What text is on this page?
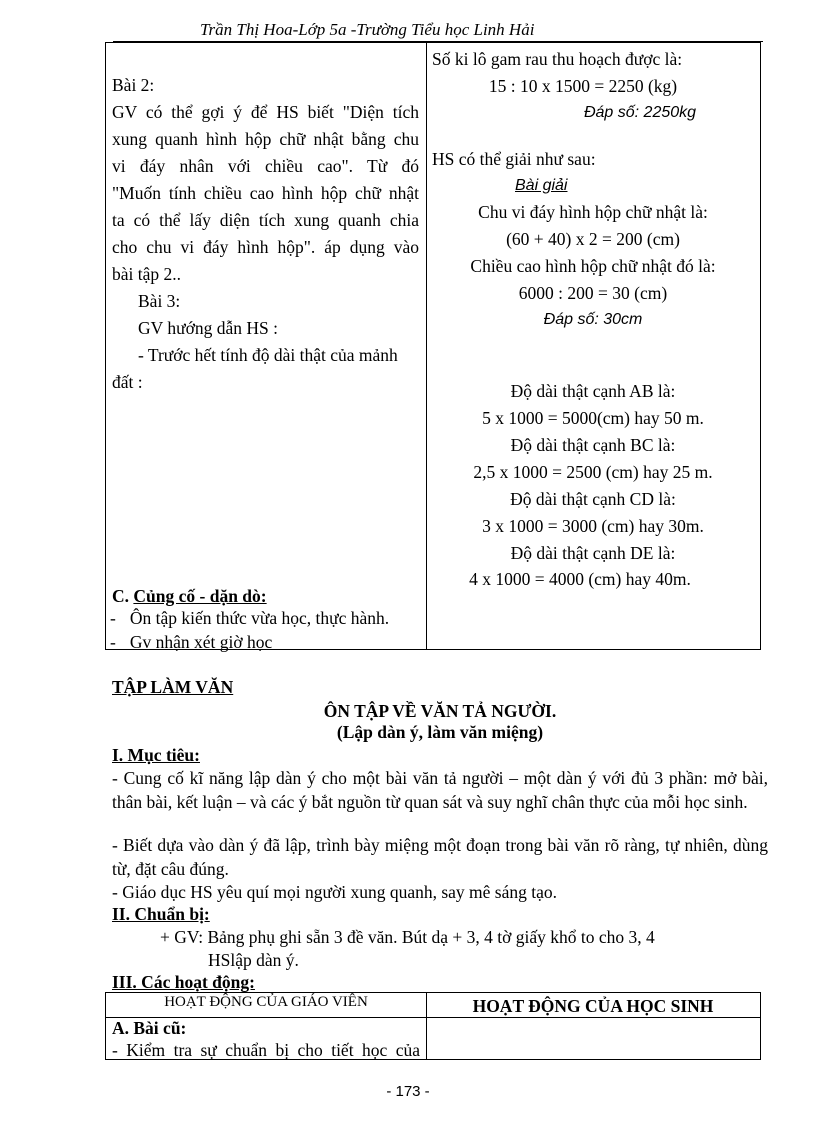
Trần Thị Hoa-Lớp 5a -Trường Tiểu học Linh Hải
Bài 2:
GV có thể gợi ý để HS biết "Diện tích
xung quanh hình hộp chữ nhật bằng chu
vi đáy nhân với chiều cao". Từ đó
"Muốn tính chiều cao hình hộp chữ nhật
ta có thể lấy diện tích xung quanh chia
cho chu vi đáy hình hộp". áp dụng vào
bài tập 2..
Bài 3:
GV hướng dẫn HS :
- Trước hết tính độ dài thật của mảnh
đất :
C. Củng cố - dặn dò:
- Ôn tập kiến thức vừa học, thực hành.
- Gv nhận xét giờ học
Số ki lô gam rau thu hoạch được là:
15 : 10 x 1500 = 2250 (kg)
Đáp số: 2250kg
HS có thể giải như sau:
Bài giải
Chu vi đáy hình hộp chữ nhật là:
(60 + 40) x 2 = 200 (cm)
Chiều cao hình hộp chữ nhật đó là:
6000 : 200 = 30 (cm)
Đáp số: 30cm
Độ dài thật cạnh AB là:
5 x 1000 = 5000(cm) hay 50 m.
Độ dài thật cạnh BC là:
2,5 x 1000 = 2500 (cm) hay 25 m.
Độ dài thật cạnh CD là:
3 x 1000 = 3000 (cm) hay 30m.
Độ dài thật cạnh DE là:
4 x 1000 = 4000 (cm) hay 40m.
TẬP LÀM VĂN
ÔN TẬP VỀ VĂN TẢ NGƯỜI.
(Lập dàn ý, làm văn miệng)
I. Mục tiêu:
- Cung cố kĩ năng lập dàn ý cho một bài văn tả người – một dàn ý với đủ 3 phần: mở bài, thân bài, kết luận – và các ý bắt nguồn từ quan sát và suy nghĩ chân thực của mỗi học sinh.
- Biết dựa vào dàn ý đã lập, trình bày miệng một đoạn trong bài văn rõ ràng, tự nhiên, dùng từ, đặt câu đúng.
- Giáo dục HS yêu quí mọi người xung quanh, say mê sáng tạo.
II. Chuẩn bị:
+ GV: Bảng phụ ghi sẵn 3 đề văn. Bút dạ + 3, 4 tờ giấy khổ to cho 3, 4
HSlập dàn ý.
III. Các hoạt động:
HOẠT ĐỘNG CỦA GIÁO VIÊN	HOẠT ĐỘNG CỦA HỌC SINH
A. Bài cũ:
- Kiểm tra sự chuẩn bị cho tiết học của
- 173 -
